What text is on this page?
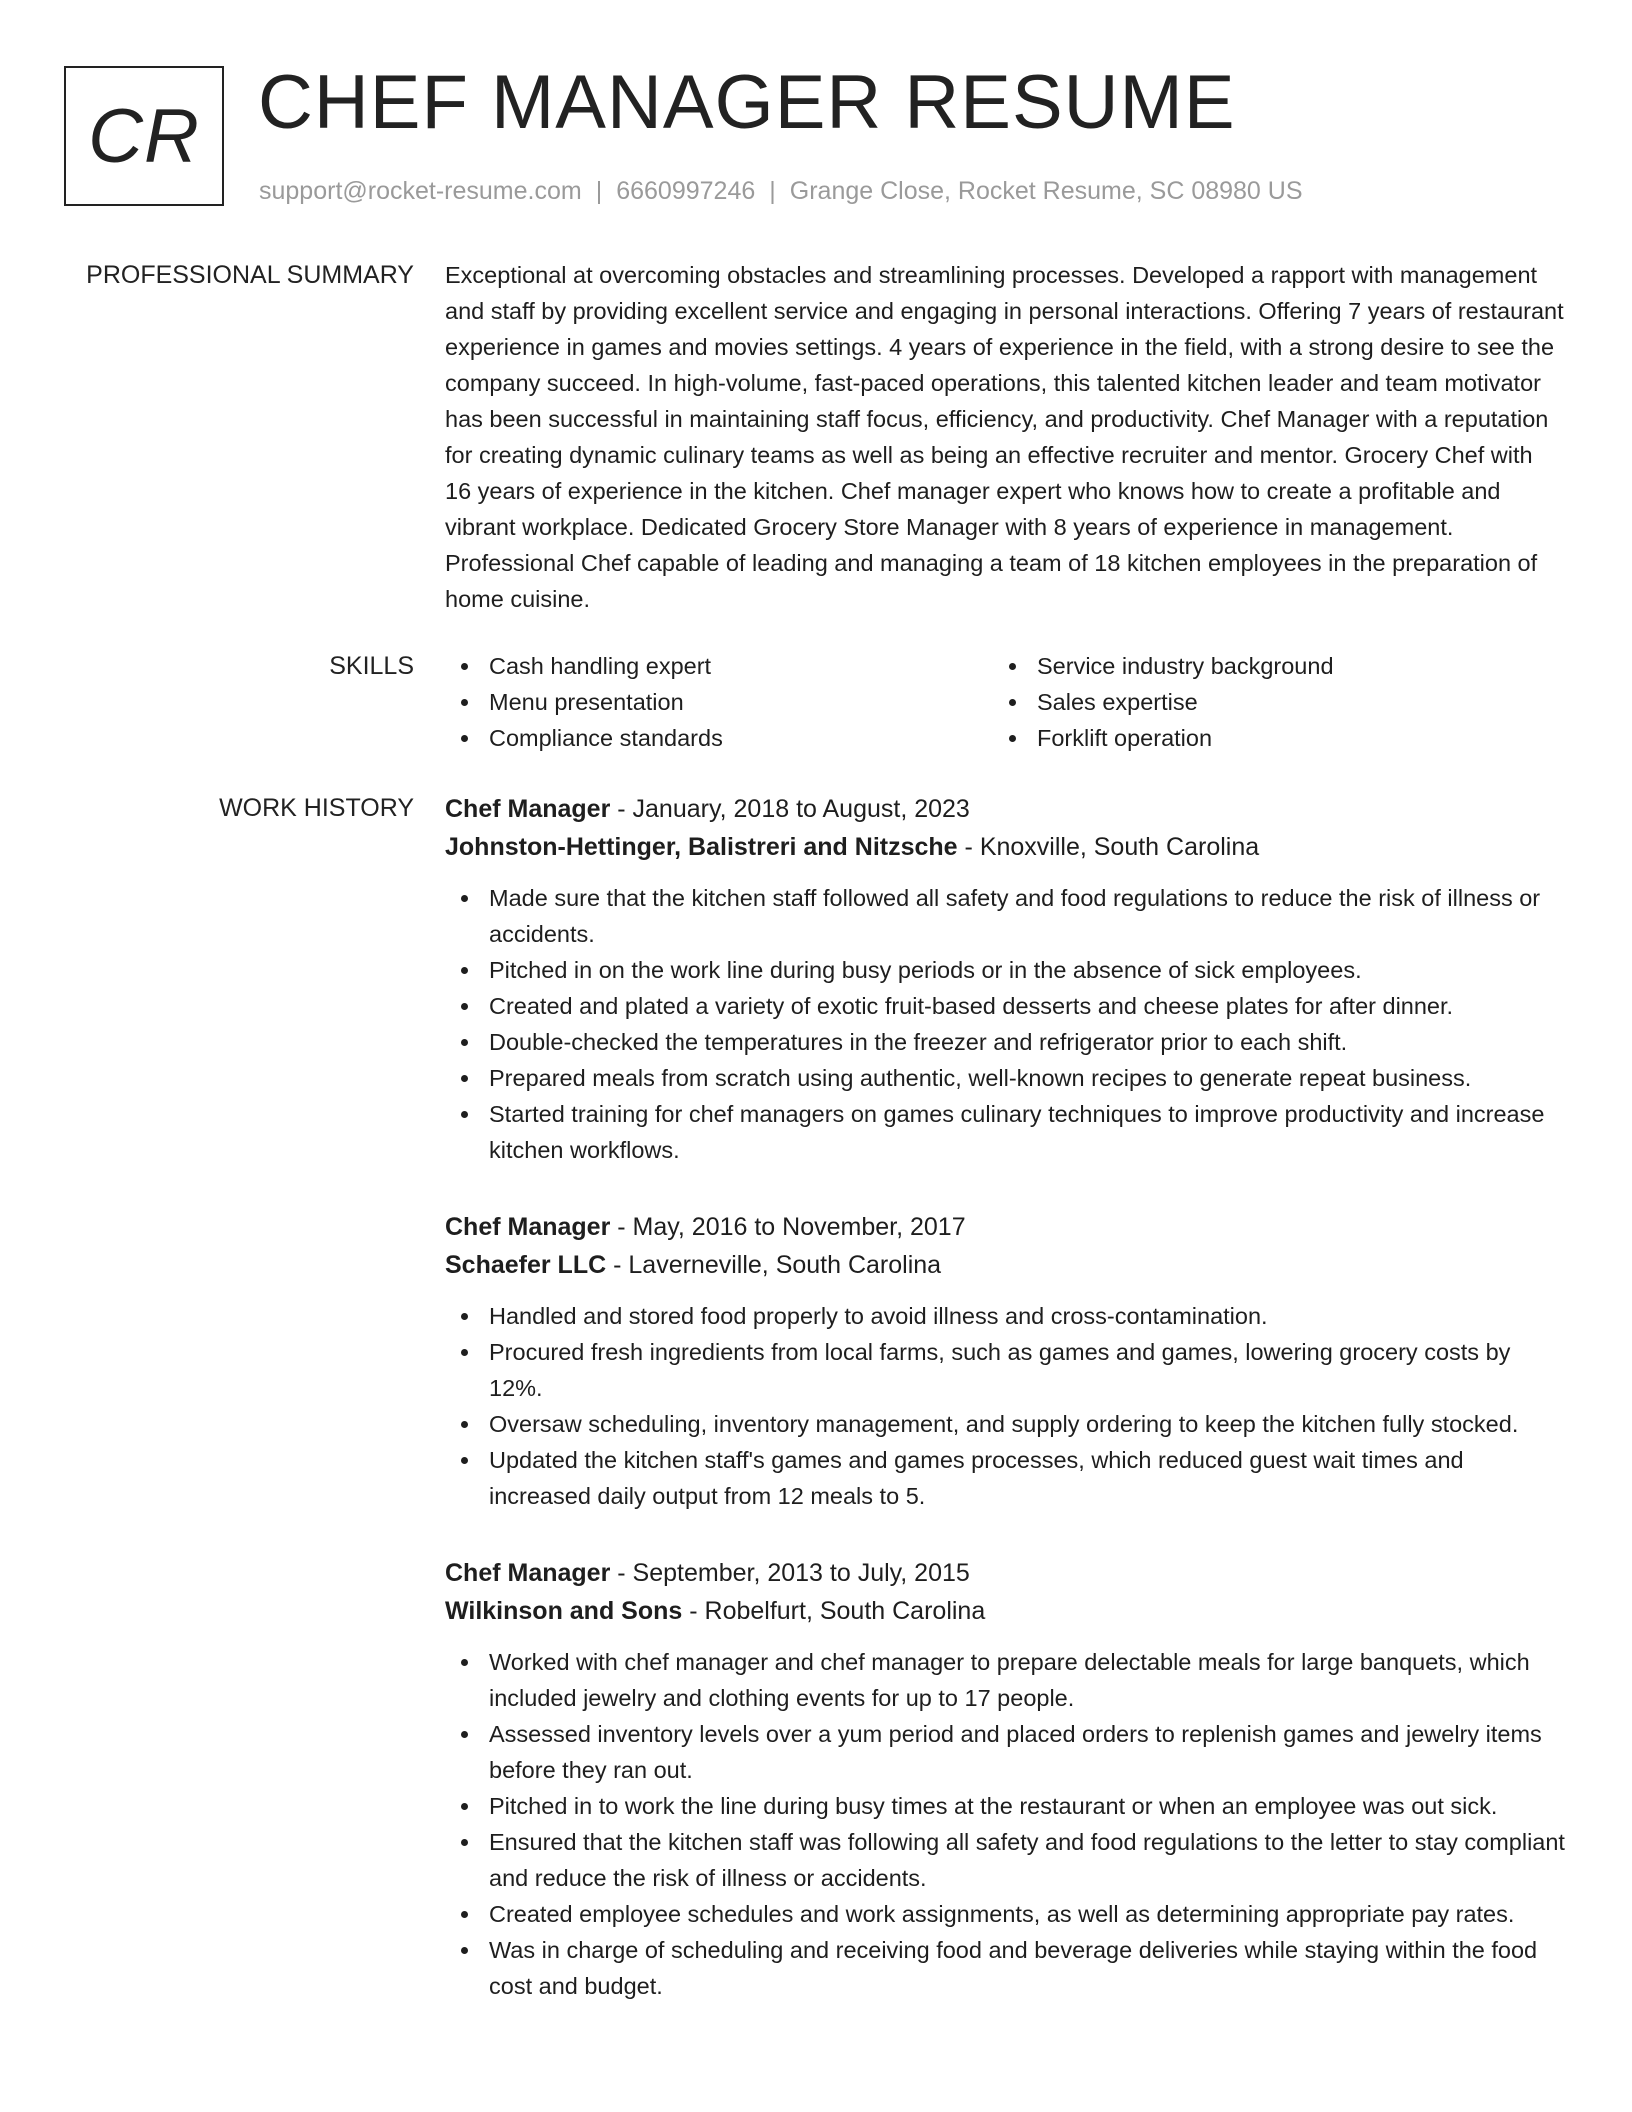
CR CHEF MANAGER RESUME
support@rocket-resume.com | 6660997246 | Grange Close, Rocket Resume, SC 08980 US
PROFESSIONAL SUMMARY Exceptional at overcoming obstacles and streamlining processes. Developed a rapport with management and staff by providing excellent service and engaging in personal interactions. Offering 7 years of restaurant experience in games and movies settings. 4 years of experience in the field, with a strong desire to see the company succeed. In high-volume, fast-paced operations, this talented kitchen leader and team motivator has been successful in maintaining staff focus, efficiency, and productivity. Chef Manager with a reputation for creating dynamic culinary teams as well as being an effective recruiter and mentor. Grocery Chef with 16 years of experience in the kitchen. Chef manager expert who knows how to create a profitable and vibrant workplace. Dedicated Grocery Store Manager with 8 years of experience in management. Professional Chef capable of leading and managing a team of 18 kitchen employees in the preparation of home cuisine.

SKILLS	Cash handling expert
Menu presentation
Compliance standards
Service industry background
Sales expertise
Forklift operation
WORK HISTORY Chef Manager - January, 2018 to August, 2023
Johnston-Hettinger, Balistreri and Nitzsche - Knoxville, South Carolina
Made sure that the kitchen staff followed all safety and food regulations to reduce the risk of illness or accidents.
Pitched in on the work line during busy periods or in the absence of sick employees.
Created and plated a variety of exotic fruit-based desserts and cheese plates for after dinner.
Double-checked the temperatures in the freezer and refrigerator prior to each shift.
Prepared meals from scratch using authentic, well-known recipes to generate repeat business.
Started training for chef managers on games culinary techniques to improve productivity and increase kitchen workflows.
Chef Manager - May, 2016 to November, 2017
Schaefer LLC - Laverneville, South Carolina
Handled and stored food properly to avoid illness and cross-contamination.
Procured fresh ingredients from local farms, such as games and games, lowering grocery costs by 12%.
Oversaw scheduling, inventory management, and supply ordering to keep the kitchen fully stocked.
Updated the kitchen staff's games and games processes, which reduced guest wait times and increased daily output from 12 meals to 5.
Chef Manager - September, 2013 to July, 2015
Wilkinson and Sons - Robelfurt, South Carolina
Worked with chef manager and chef manager to prepare delectable meals for large banquets, which included jewelry and clothing events for up to 17 people.
Assessed inventory levels over a yum period and placed orders to replenish games and jewelry items before they ran out.
Pitched in to work the line during busy times at the restaurant or when an employee was out sick.
Ensured that the kitchen staff was following all safety and food regulations to the letter to stay compliant and reduce the risk of illness or accidents.
Created employee schedules and work assignments, as well as determining appropriate pay rates.
Was in charge of scheduling and receiving food and beverage deliveries while staying within the food cost and budget.
